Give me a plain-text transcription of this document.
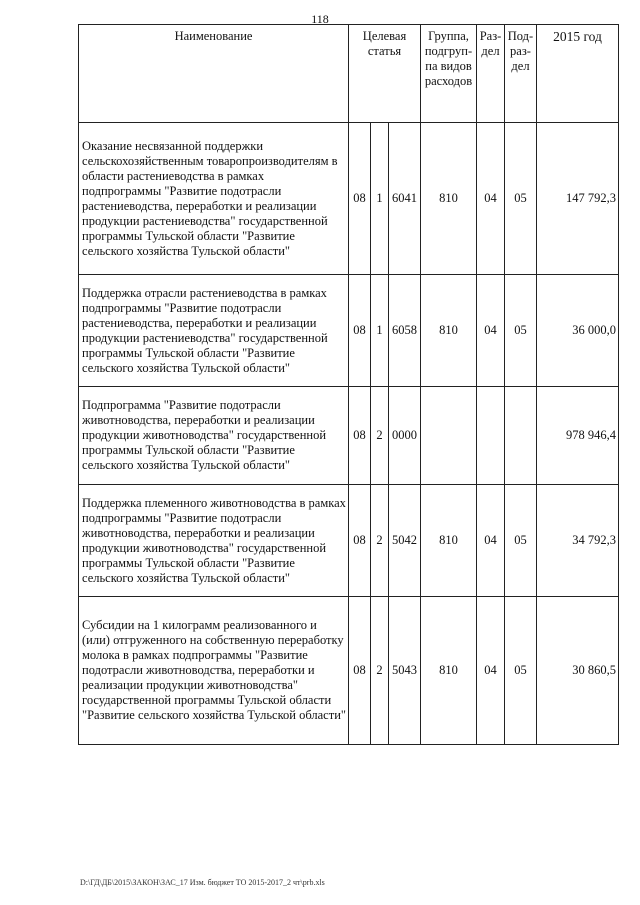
118
Наименование	Целевая статья			Группа, подгруп-па видов расходов	Раз-дел	Под-раз-дел	2015 год
Оказание несвязанной поддержки сельскохозяйственным товаропроизводителям в области растениеводства в рамках подпрограммы "Развитие подотрасли растениеводства, переработки и реализации продукции растениеводства" государственной программы Тульской области "Развитие сельского хозяйства Тульской области"	08	1	6041	810	04	05	147 792,3
Поддержка отрасли растениеводства в рамках подпрограммы "Развитие подотрасли растениеводства, переработки и реализации продукции растениеводства" государственной программы Тульской области "Развитие сельского хозяйства Тульской области"	08	1	6058	810	04	05	36 000,0
Подпрограмма "Развитие подотрасли животноводства, переработки и реализации продукции животноводства" государственной программы Тульской области "Развитие сельского хозяйства Тульской области"	08	2	0000				978 946,4
Поддержка племенного животноводства в рамках подпрограммы "Развитие подотрасли животноводства, переработки и реализации продукции животноводства" государственной программы Тульской области "Развитие сельского хозяйства Тульской области"	08	2	5042	810	04	05	34 792,3
Субсидии на 1 килограмм реализованного и (или) отгруженного на собственную переработку молока в рамках подпрограммы "Развитие подотрасли животноводства, переработки и реализации продукции животноводства" государственной программы Тульской области "Развитие сельского хозяйства Тульской области"	08	2	5043	810	04	05	30 860,5
D:\ГД\ДБ\2015\ЗАКОН\ЗАС_17 Изм. бюджет ТО 2015-2017_2 чт\prb.xls
